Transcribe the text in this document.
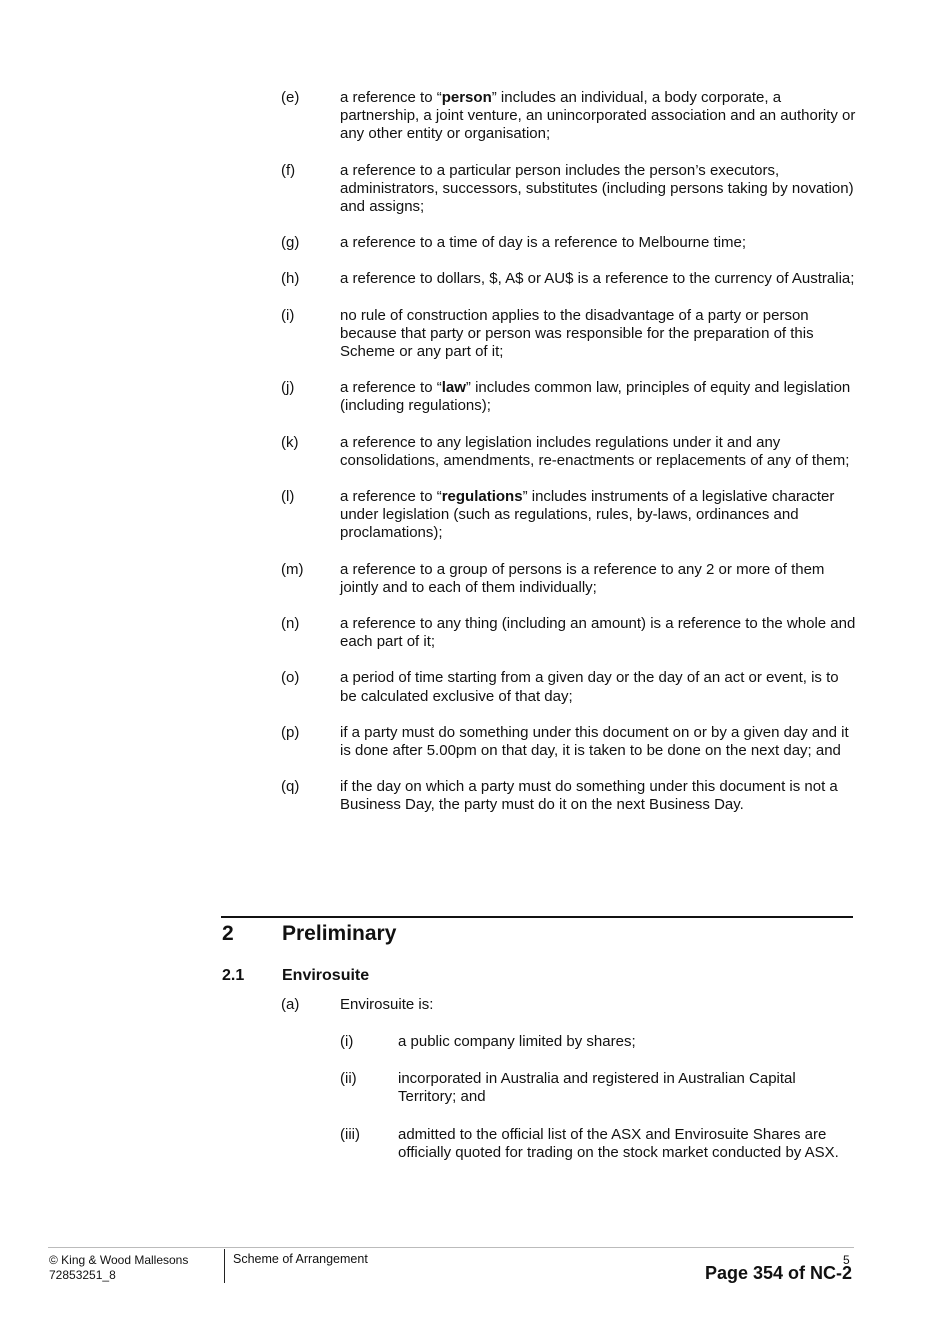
(e)	a reference to “person” includes an individual, a body corporate, a partnership, a joint venture, an unincorporated association and an authority or any other entity or organisation;
(f)	a reference to a particular person includes the person’s executors, administrators, successors, substitutes (including persons taking by novation) and assigns;
(g)	a reference to a time of day is a reference to Melbourne time;
(h)	a reference to dollars, $, A$ or AU$ is a reference to the currency of Australia;
(i)	no rule of construction applies to the disadvantage of a party or person because that party or person was responsible for the preparation of this Scheme or any part of it;
(j)	a reference to “law” includes common law, principles of equity and legislation (including regulations);
(k)	a reference to any legislation includes regulations under it and any consolidations, amendments, re-enactments or replacements of any of them;
(l)	a reference to “regulations” includes instruments of a legislative character under legislation (such as regulations, rules, by-laws, ordinances and proclamations);
(m)	a reference to a group of persons is a reference to any 2 or more of them jointly and to each of them individually;
(n)	a reference to any thing (including an amount) is a reference to the whole and each part of it;
(o)	a period of time starting from a given day or the day of an act or event, is to be calculated exclusive of that day;
(p)	if a party must do something under this document on or by a given day and it is done after 5.00pm on that day, it is taken to be done on the next day; and
(q)	if the day on which a party must do something under this document is not a Business Day, the party must do it on the next Business Day.
2	Preliminary
2.1	Envirosuite
(a)	Envirosuite is:
(i)	a public company limited by shares;
(ii)	incorporated in Australia and registered in Australian Capital Territory; and
(iii)	admitted to the official list of the ASX and Envirosuite Shares are officially quoted for trading on the stock market conducted by ASX.
© King & Wood Mallesons
72853251_8
Scheme of Arrangement	5
Page 354 of NC-2
